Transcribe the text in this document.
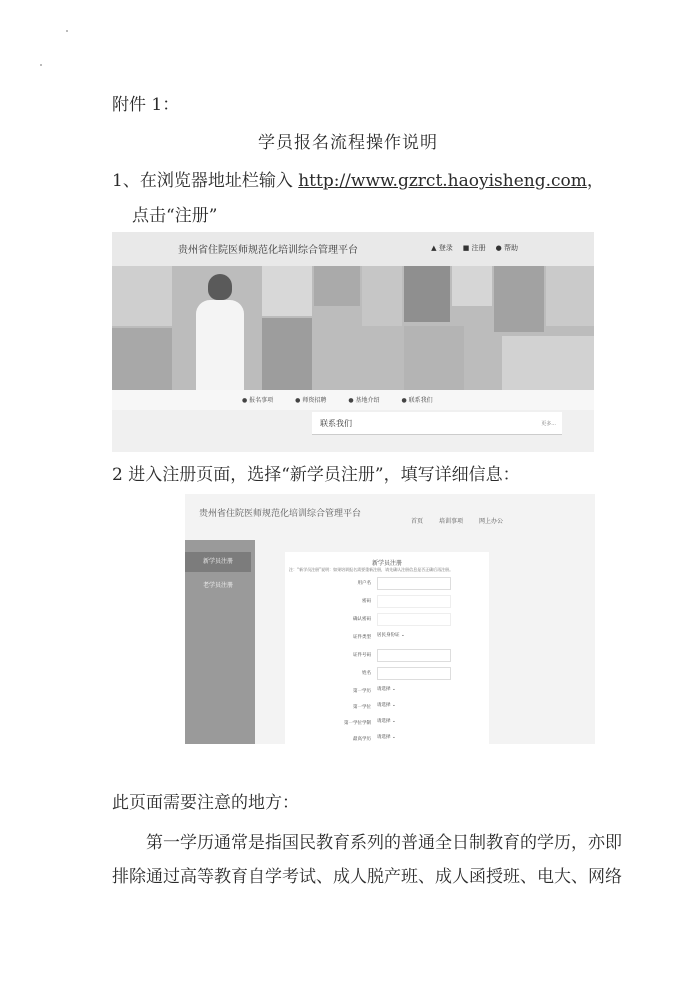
附件 1：
学员报名流程操作说明
1、在浏览器地址栏输入 http://www.gzrct.haoyisheng.com，
点击“注册”
贵州省住院医师规范化培训综合管理平台	▲ 登录 ■ 注册 ● 帮助
● 报名事项	● 师资招聘	● 基地介绍	● 联系我们
联系我们	更多...
2 进入注册页面，选择“新学员注册”，填写详细信息：
贵州省住院医师规范化培训综合管理平台
首页	培训事项	网上办公
新学员注册
老学员注册
新学员注册
注：“新学员注册”说明：如果培训报名需要重新注册，请先确认注册信息是否正确后再注册。
用户名
密码
确认密码
证件类型 居民身份证 ⌄
证件号码
姓名
第一学历 请选择 ⌄
第一学位 请选择 ⌄
第一学位学制 请选择 ⌄
最高学历 请选择 ⌄
此页面需要注意的地方：
第一学历通常是指国民教育系列的普通全日制教育的学历，亦即
排除通过高等教育自学考试、成人脱产班、成人函授班、电大、网络
